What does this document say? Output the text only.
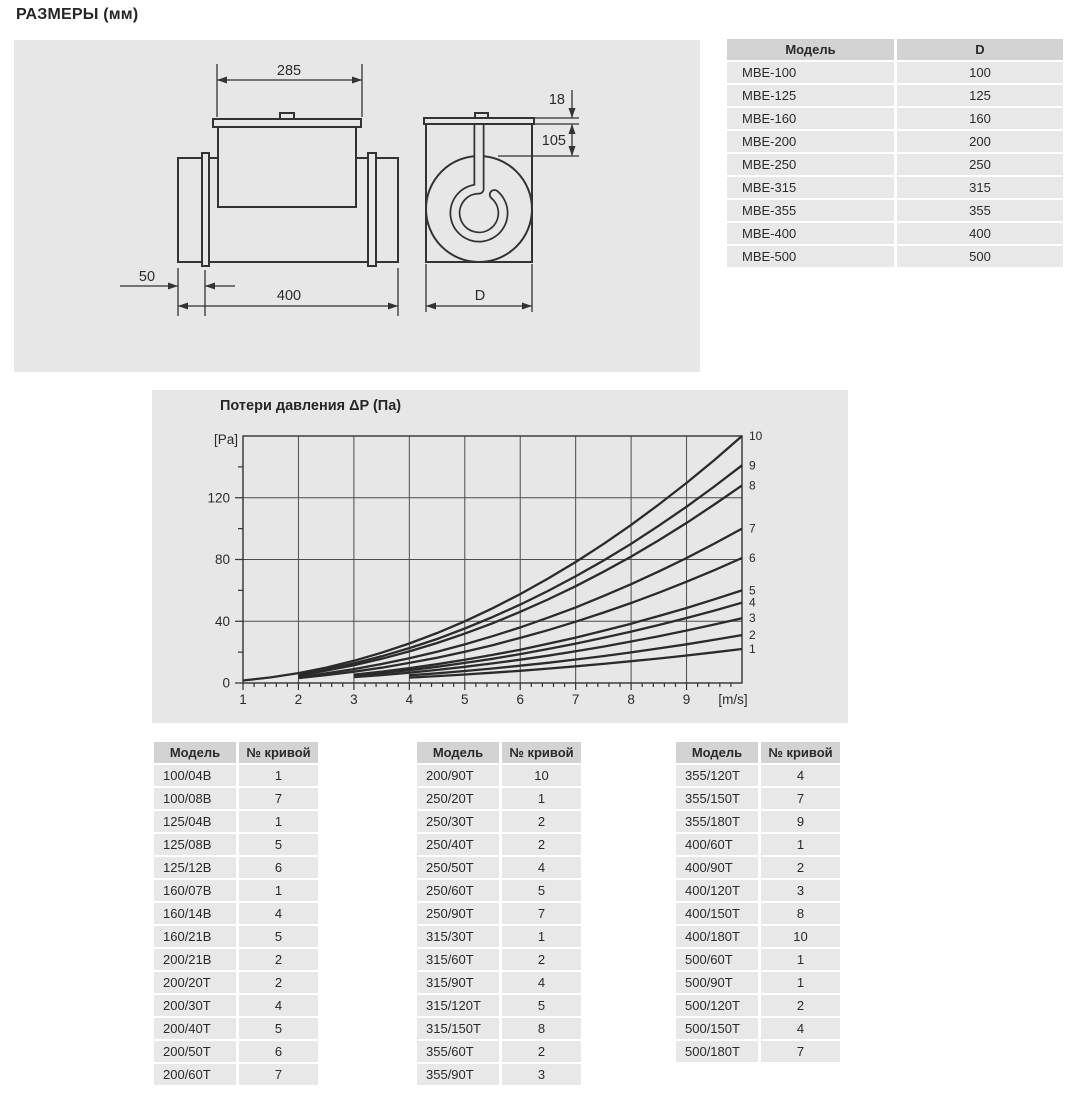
РАЗМЕРЫ (мм)
285
400
50
18
105
D
Модель	D
МВЕ-100	100
МВЕ-125	125
МВЕ-160	160
МВЕ-200	200
МВЕ-250	250
МВЕ-315	315
МВЕ-355	355
МВЕ-400	400
МВЕ-500	500
Потери давления ΔP (Па)
[Pa]
[m/s]
1	2	3	4	5	6	7	8	9
0
40
80
120
1
2
3
4
5
6
7
8
9
10
Модель	№ кривой
100/04В	1
100/08В	7
125/04В	1
125/08В	5
125/12В	6
160/07В	1
160/14В	4
160/21В	5
200/21В	2
200/20Т	2
200/30Т	4
200/40Т	5
200/50Т	6
200/60Т	7
Модель	№ кривой
200/90Т	10
250/20Т	1
250/30Т	2
250/40Т	2
250/50Т	4
250/60Т	5
250/90Т	7
315/30Т	1
315/60Т	2
315/90Т	4
315/120Т	5
315/150Т	8
355/60Т	2
355/90Т	3
Модель	№ кривой
355/120Т	4
355/150Т	7
355/180Т	9
400/60Т	1
400/90Т	2
400/120Т	3
400/150Т	8
400/180Т	10
500/60Т	1
500/90Т	1
500/120Т	2
500/150Т	4
500/180Т	7
